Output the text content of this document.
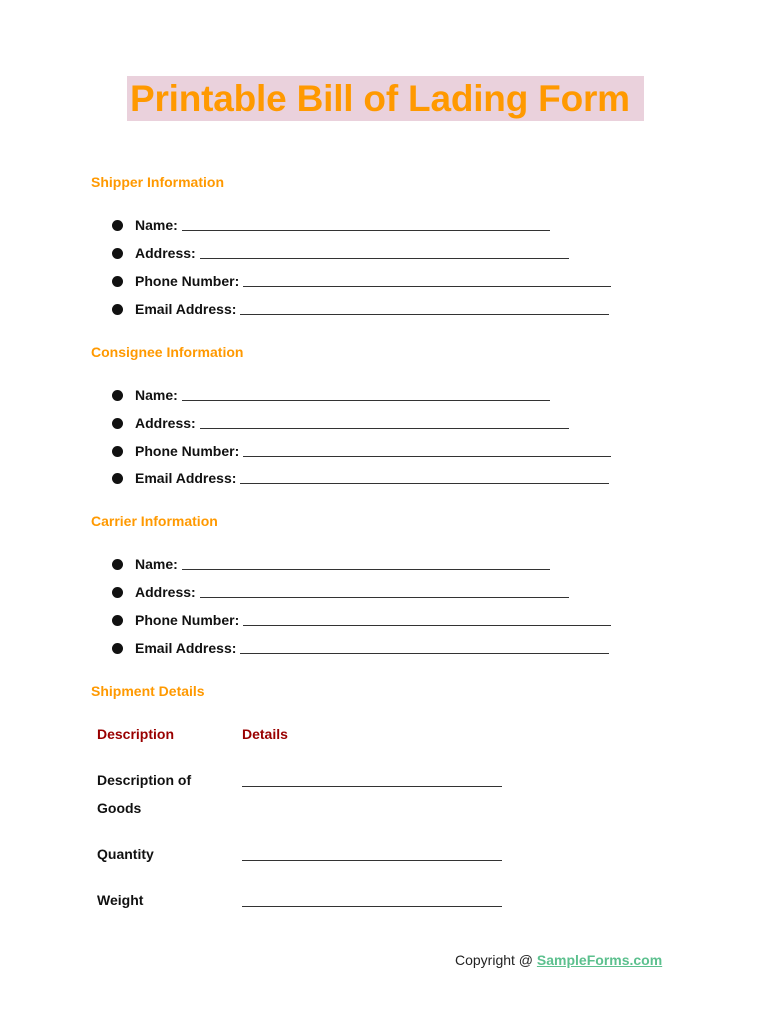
Printable Bill of Lading Form
Shipper Information
Name:
Address:
Phone Number:
Email Address:
Consignee Information
Name:
Address:
Phone Number:
Email Address:
Carrier Information
Name:
Address:
Phone Number:
Email Address:
Shipment Details
Description	Details
Description of Goods
Quantity
Weight
Copyright @ SampleForms.com
